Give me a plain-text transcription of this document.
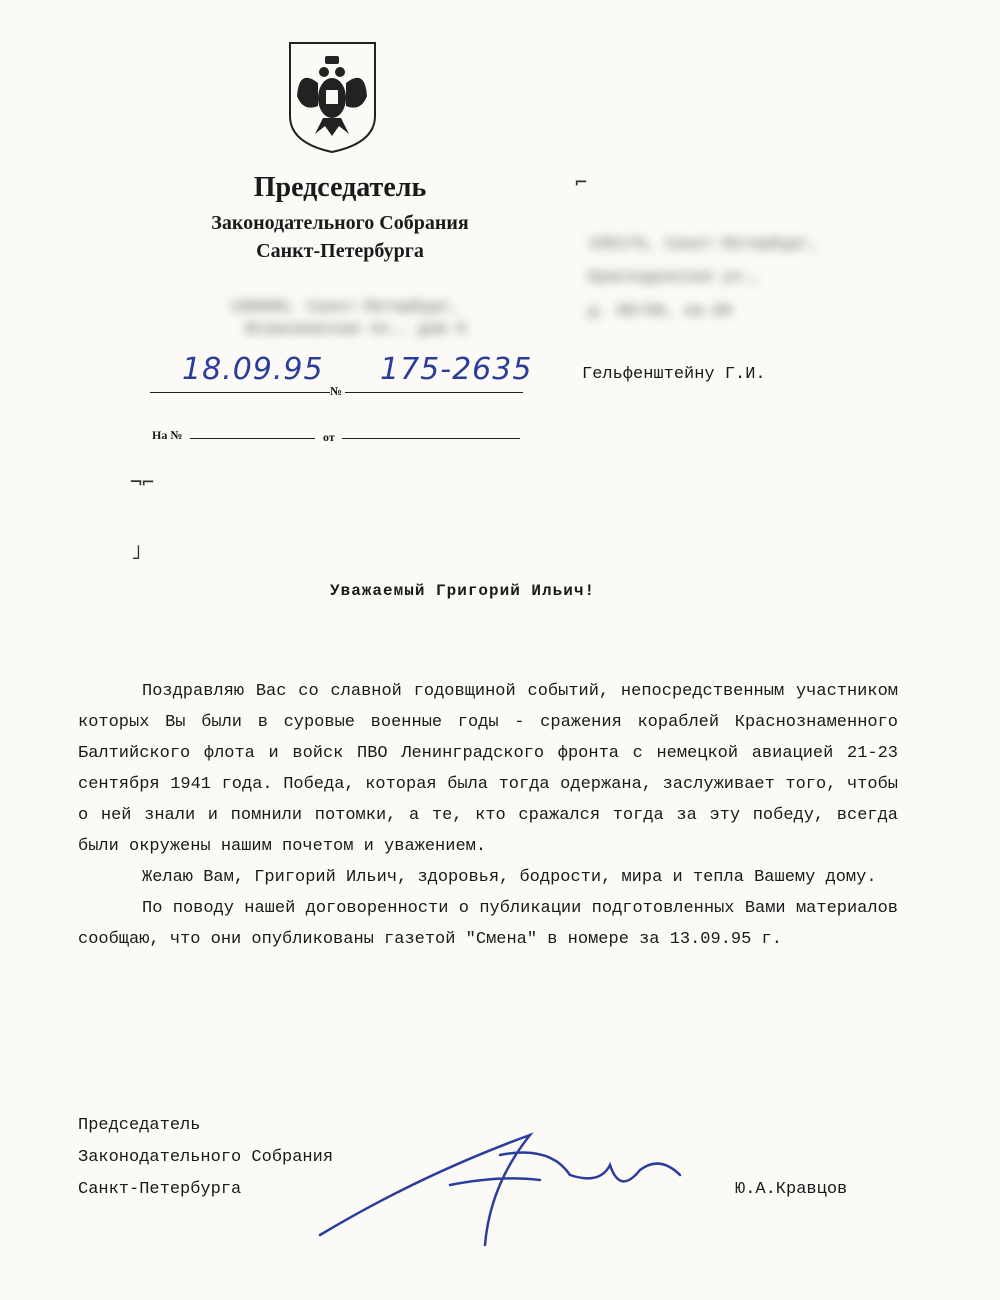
Председатель
Законодательного Собрания
Санкт-Петербурга
190000, Санкт-Петербург,
Исаакиевская пл., дом 6
⌐
¬⌐
˩
195176, Санкт-Петербург,
Краснодонская ул.,
д. 00/00, кв.00
18.09.95
№
175-2635	Гельфенштейну Г.И.
На №	от
Уважаемый Григорий Ильич!

Поздравляю Вас со славной годовщиной событий, непосредственным участником которых Вы были в суровые военные годы - сражения кораблей Краснознаменного Балтийского флота и войск ПВО Ленинградского фронта с немецкой авиацией 21-23 сентября 1941 года. Победа, которая была тогда одержана, заслуживает того, чтобы о ней знали и помнили потомки, а те, кто сражался тогда за эту победу, всегда были окружены нашим почетом и уважением.

Желаю Вам, Григорий Ильич, здоровья, бодрости, мира и тепла Вашему дому.

По поводу нашей договоренности о публикации подготовленных Вами материалов сообщаю, что они опубликованы газетой "Смена" в номере за 13.09.95 г.

Председатель
Законодательного Собрания
Санкт-Петербурга	Ю.А.Кравцов
